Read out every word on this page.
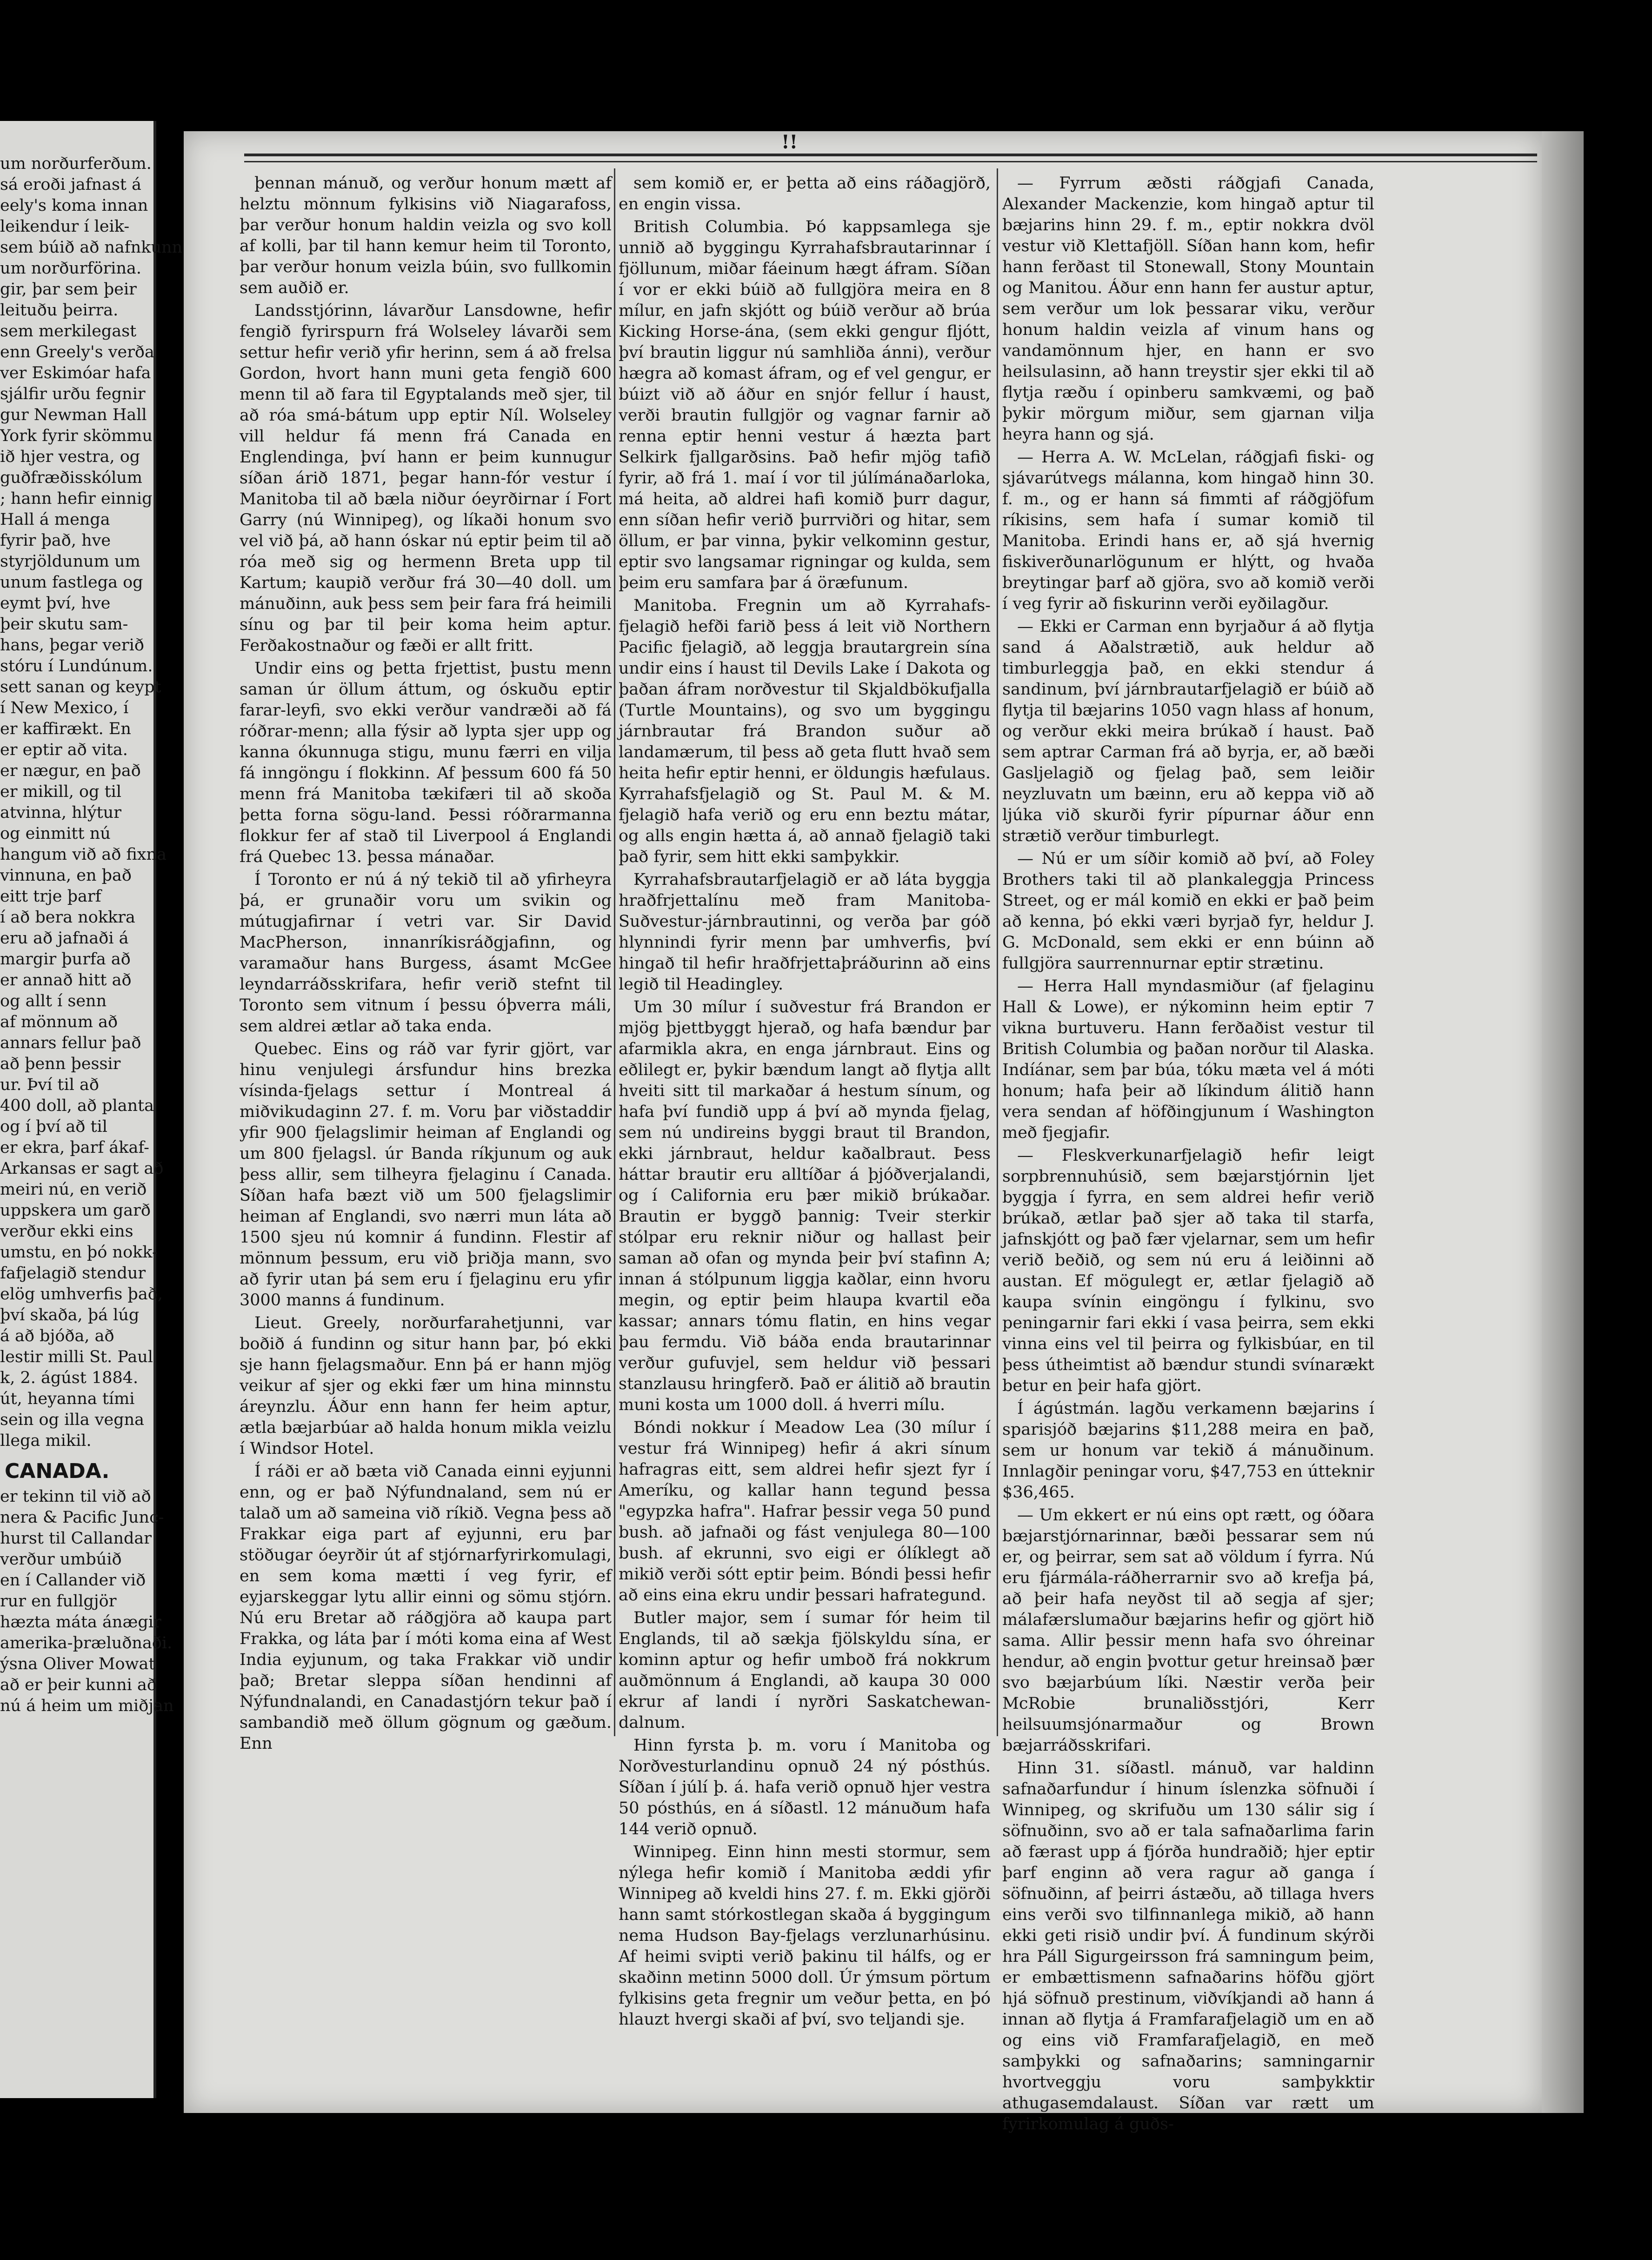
um norðurferðum.

sá eroði jafnast á

eely's koma innan

leikendur í leik-

sem búið að nafnkunn

um norðurförina.

gir, þar sem þeir

leituðu þeirra.

sem merkilegast

enn Greely's verða

ver Eskimóar hafa

sjálfir urðu fegnir

gur Newman Hall

York fyrir skömmu

ið hjer vestra, og

guðfræðisskólum

; hann hefir einnig

Hall á menga

fyrir það, hve

styrjöldunum um

unum fastlega og

eymt því, hve

þeir skutu sam-

hans, þegar verið

stóru í Lundúnum.

sett sanan og keypt

í New Mexico, í

er kaffirækt. En

er eptir að vita.

er nægur, en það

er mikill, og til

atvinna, hlýtur

og einmitt nú

hangum við að fixna

vinnuna, en það

eitt trje þarf

í að bera nokkra

eru að jafnaði á

margir þurfa að

er annað hitt að

og allt í senn

af mönnum að

annars fellur það

að þenn þessir

ur. Því til að

400 doll, að planta

og í því að til

er ekra, þarf ákaf-

Arkansas er sagt að

meiri nú, en verið

uppskera um garð

verður ekki eins

umstu, en þó nokk-

fafjelagið stendur

elög umhverfis það,

því skaða, þá lúg

á að bjóða, að

lestir milli St. Paul

k, 2. ágúst 1884.

út, heyanna tími

sein og illa vegna

llega mikil.

CANADA.

er tekinn til við að

nera & Pacific Junc-

hurst til Callandar

verður umbúið

en í Callander við

rur en fullgjör

hæzta máta ánægir

amerika-þræluðnaði.

ýsna Oliver Mowat

að er þeir kunni að

nú á heim um miðjan

!!

þennan mánuð, og verður honum mætt af helztu mönnum fylkisins við Niagarafoss, þar verður honum haldin veizla og svo koll af kolli, þar til hann kemur heim til Toronto, þar verður honum veizla búin, svo fullkomin sem auðið er.

Landsstjórinn, lávarður Lansdowne, hefir fengið fyrirspurn frá Wolseley lávarði sem settur hefir verið yfir herinn, sem á að frelsa Gordon, hvort hann muni geta fengið 600 menn til að fara til Egyptalands með sjer, til að róa smá-bátum upp eptir Níl. Wolseley vill heldur fá menn frá Canada en Englendinga, því hann er þeim kunnugur síðan árið 1871, þegar hann-fór vestur í Manitoba til að bæla niður óeyrðirnar í Fort Garry (nú Winnipeg), og líkaði honum svo vel við þá, að hann óskar nú eptir þeim til að róa með sig og hermenn Breta upp til Kartum; kaupið verður frá 30—40 doll. um mánuðinn, auk þess sem þeir fara frá heimili sínu og þar til þeir koma heim aptur. Ferðakostnaður og fæði er allt fritt.

Undir eins og þetta frjettist, þustu menn saman úr öllum áttum, og óskuðu eptir farar-leyfi, svo ekki verður vandræði að fá róðrar-menn; alla fýsir að lypta sjer upp og kanna ókunnuga stigu, munu færri en vilja fá inngöngu í flokkinn. Af þessum 600 fá 50 menn frá Manitoba tækifæri til að skoða þetta forna sögu-land. Þessi róðrarmanna flokkur fer af stað til Liverpool á Englandi frá Quebec 13. þessa mánaðar.

Í Toronto er nú á ný tekið til að yfirheyra þá, er grunaðir voru um svikin og mútugjafirnar í vetri var. Sir David MacPherson, innanríkisráðgjafinn, og varamaður hans Burgess, ásamt McGee leyndarráðsskrifara, hefir verið stefnt til Toronto sem vitnum í þessu óþverra máli, sem aldrei ætlar að taka enda.

Quebec. Eins og ráð var fyrir gjört, var hinu venjulegi ársfundur hins brezka vísinda-fjelags settur í Montreal á miðvikudaginn 27. f. m. Voru þar viðstaddir yfir 900 fjelagslimir heiman af Englandi og um 800 fjelagsl. úr Banda ríkjunum og auk þess allir, sem tilheyra fjelaginu í Canada. Síðan hafa bæzt við um 500 fjelagslimir heiman af Englandi, svo nærri mun láta að 1500 sjeu nú komnir á fundinn. Flestir af mönnum þessum, eru við þriðja mann, svo að fyrir utan þá sem eru í fjelaginu eru yfir 3000 manns á fundinum.

Lieut. Greely, norðurfarahetjunni, var boðið á fundinn og situr hann þar, þó ekki sje hann fjelagsmaður. Enn þá er hann mjög veikur af sjer og ekki fær um hina minnstu áreynzlu. Áður enn hann fer heim aptur, ætla bæjarbúar að halda honum mikla veizlu í Windsor Hotel.

Í ráði er að bæta við Canada einni eyjunni enn, og er það Nýfundnaland, sem nú er talað um að sameina við ríkið. Vegna þess að Frakkar eiga part af eyjunni, eru þar stöðugar óeyrðir út af stjórnarfyrirkomulagi, en sem koma mætti í veg fyrir, ef eyjarskeggar lytu allir einni og sömu stjórn. Nú eru Bretar að ráðgjöra að kaupa part Frakka, og láta þar í móti koma eina af West India eyjunum, og taka Frakkar við undir það; Bretar sleppa síðan hendinni af Nýfundnalandi, en Canadastjórn tekur það í sambandið með öllum gögnum og gæðum. Enn

sem komið er, er þetta að eins ráðagjörð, en engin vissa.

British Columbia. Þó kappsamlega sje unnið að byggingu Kyrrahafsbrautarinnar í fjöllunum, miðar fáeinum hægt áfram. Síðan í vor er ekki búið að fullgjöra meira en 8 mílur, en jafn skjótt og búið verður að brúa Kicking Horse-ána, (sem ekki gengur fljótt, því brautin liggur nú samhliða ánni), verður hægra að komast áfram, og ef vel gengur, er búizt við að áður en snjór fellur í haust, verði brautin fullgjör og vagnar farnir að renna eptir henni vestur á hæzta þart Selkirk fjallgarðsins. Það hefir mjög tafið fyrir, að frá 1. maí í vor til júlímánaðarloka, má heita, að aldrei hafi komið þurr dagur, enn síðan hefir verið þurrviðri og hitar, sem öllum, er þar vinna, þykir velkominn gestur, eptir svo langsamar rigningar og kulda, sem þeim eru samfara þar á öræfunum.

Manitoba. Fregnin um að Kyrrahafs-fjelagið hefði farið þess á leit við Northern Pacific fjelagið, að leggja brautargrein sína undir eins í haust til Devils Lake í Dakota og þaðan áfram norðvestur til Skjaldbökufjalla (Turtle Mountains), og svo um byggingu járnbrautar frá Brandon suður að landamærum, til þess að geta flutt hvað sem heita hefir eptir henni, er öldungis hæfulaus. Kyrrahafsfjelagið og St. Paul M. & M. fjelagið hafa verið og eru enn beztu mátar, og alls engin hætta á, að annað fjelagið taki það fyrir, sem hitt ekki samþykkir.

Kyrrahafsbrautarfjelagið er að láta byggja hraðfrjettalínu með fram Manitoba-Suðvestur-járnbrautinni, og verða þar góð hlynnindi fyrir menn þar umhverfis, því hingað til hefir hraðfrjettaþráðurinn að eins legið til Headingley.

Um 30 mílur í suðvestur frá Brandon er mjög þjettbyggt hjerað, og hafa bændur þar afarmikla akra, en enga járnbraut. Eins og eðlilegt er, þykir bændum langt að flytja allt hveiti sitt til markaðar á hestum sínum, og hafa því fundið upp á því að mynda fjelag, sem nú undireins byggi braut til Brandon, ekki járnbraut, heldur kaðalbraut. Þess háttar brautir eru alltíðar á þjóðverjalandi, og í California eru þær mikið brúkaðar. Brautin er byggð þannig: Tveir sterkir stólpar eru reknir niður og hallast þeir saman að ofan og mynda þeir því stafinn A; innan á stólpunum liggja kaðlar, einn hvoru megin, og eptir þeim hlaupa kvartil eða kassar; annars tómu flatin, en hins vegar þau fermdu. Við báða enda brautarinnar verður gufuvjel, sem heldur við þessari stanzlausu hringferð. Það er álitið að brautin muni kosta um 1000 doll. á hverri mílu.

Bóndi nokkur í Meadow Lea (30 mílur í vestur frá Winnipeg) hefir á akri sínum hafragras eitt, sem aldrei hefir sjezt fyr í Ameríku, og kallar hann tegund þessa "egypzka hafra". Hafrar þessir vega 50 pund bush. að jafnaði og fást venjulega 80—100 bush. af ekrunni, svo eigi er ólíklegt að mikið verði sótt eptir þeim. Bóndi þessi hefir að eins eina ekru undir þessari hafrategund.

Butler major, sem í sumar fór heim til Englands, til að sækja fjölskyldu sína, er kominn aptur og hefir umboð frá nokkrum auðmönnum á Englandi, að kaupa 30 000 ekrur af landi í nyrðri Saskatchewan-dalnum.

Hinn fyrsta þ. m. voru í Manitoba og Norðvesturlandinu opnuð 24 ný pósthús. Síðan í júlí þ. á. hafa verið opnuð hjer vestra 50 pósthús, en á síðastl. 12 mánuðum hafa 144 verið opnuð.

Winnipeg. Einn hinn mesti stormur, sem nýlega hefir komið í Manitoba æddi yfir Winnipeg að kveldi hins 27. f. m. Ekki gjörði hann samt stórkostlegan skaða á byggingum nema Hudson Bay-fjelags verzlunarhúsinu. Af heimi svipti verið þakinu til hálfs, og er skaðinn metinn 5000 doll. Úr ýmsum pörtum fylkisins geta fregnir um veður þetta, en þó hlauzt hvergi skaði af því, svo teljandi sje.

— Fyrrum æðsti ráðgjafi Canada, Alexander Mackenzie, kom hingað aptur til bæjarins hinn 29. f. m., eptir nokkra dvöl vestur við Klettafjöll. Síðan hann kom, hefir hann ferðast til Stonewall, Stony Mountain og Manitou. Áður enn hann fer austur aptur, sem verður um lok þessarar viku, verður honum haldin veizla af vinum hans og vandamönnum hjer, en hann er svo heilsulasinn, að hann treystir sjer ekki til að flytja ræðu í opinberu samkvæmi, og það þykir mörgum miður, sem gjarnan vilja heyra hann og sjá.

— Herra A. W. McLelan, ráðgjafi fiski- og sjávarútvegs málanna, kom hingað hinn 30. f. m., og er hann sá fimmti af ráðgjöfum ríkisins, sem hafa í sumar komið til Manitoba. Erindi hans er, að sjá hvernig fiskiverðunarlögunum er hlýtt, og hvaða breytingar þarf að gjöra, svo að komið verði í veg fyrir að fiskurinn verði eyðilagður.

— Ekki er Carman enn byrjaður á að flytja sand á Aðalstrætið, auk heldur að timburleggja það, en ekki stendur á sandinum, því járnbrautarfjelagið er búið að flytja til bæjarins 1050 vagn hlass af honum, og verður ekki meira brúkað í haust. Það sem aptrar Carman frá að byrja, er, að bæði Gasljelagið og fjelag það, sem leiðir neyzluvatn um bæinn, eru að keppa við að ljúka við skurði fyrir pípurnar áður enn strætið verður timburlegt.

— Nú er um síðir komið að því, að Foley Brothers taki til að plankaleggja Princess Street, og er mál komið en ekki er það þeim að kenna, þó ekki væri byrjað fyr, heldur J. G. McDonald, sem ekki er enn búinn að fullgjöra saurrennurnar eptir strætinu.

— Herra Hall myndasmiður (af fjelaginu Hall & Lowe), er nýkominn heim eptir 7 vikna burtuveru. Hann ferðaðist vestur til British Columbia og þaðan norður til Alaska. Indíánar, sem þar búa, tóku mæta vel á móti honum; hafa þeir að líkindum álitið hann vera sendan af höfðingjunum í Washington með fjegjafir.

— Fleskverkunarfjelagið hefir leigt sorpbrennuhúsið, sem bæjarstjórnin ljet byggja í fyrra, en sem aldrei hefir verið brúkað, ætlar það sjer að taka til starfa, jafnskjótt og það fær vjelarnar, sem um hefir verið beðið, og sem nú eru á leiðinni að austan. Ef mögulegt er, ætlar fjelagið að kaupa svínin eingöngu í fylkinu, svo peningarnir fari ekki í vasa þeirra, sem ekki vinna eins vel til þeirra og fylkisbúar, en til þess útheimtist að bændur stundi svínarækt betur en þeir hafa gjört.

Í ágústmán. lagðu verkamenn bæjarins í sparisjóð bæjarins $11,288 meira en það, sem ur honum var tekið á mánuðinum. Innlagðir peningar voru, $47,753 en útteknir $36,465.

— Um ekkert er nú eins opt rætt, og óðara bæjarstjórnarinnar, bæði þessarar sem nú er, og þeirrar, sem sat að völdum í fyrra. Nú eru fjármála-ráðherrarnir svo að krefja þá, að þeir hafa neyðst til að segja af sjer; málafærslumaður bæjarins hefir og gjört hið sama. Allir þessir menn hafa svo óhreinar hendur, að engin þvottur getur hreinsað þær svo bæjarbúum líki. Næstir verða þeir McRobie brunaliðsstjóri, Kerr heilsuumsjónarmaður og Brown bæjarráðsskrifari.

Hinn 31. síðastl. mánuð, var haldinn safnaðarfundur í hinum íslenzka söfnuði í Winnipeg, og skrifuðu um 130 sálir sig í söfnuðinn, svo að er tala safnaðarlima farin að færast upp á fjórða hundraðið; hjer eptir þarf enginn að vera ragur að ganga í söfnuðinn, af þeirri ástæðu, að tillaga hvers eins verði svo tilfinnanlega mikið, að hann ekki geti risið undir því. Á fundinum skýrði hra Páll Sigurgeirsson frá samningum þeim, er embættismenn safnaðarins höfðu gjört hjá söfnuð prestinum, viðvíkjandi að hann á innan að flytja á Framfarafjelagið um en að og eins við Framfarafjelagið, en með samþykki og safnaðarins; samningarnir hvortveggju voru samþykktir athugasemdalaust. Síðan var rætt um fyrirkomulag á guðs-
